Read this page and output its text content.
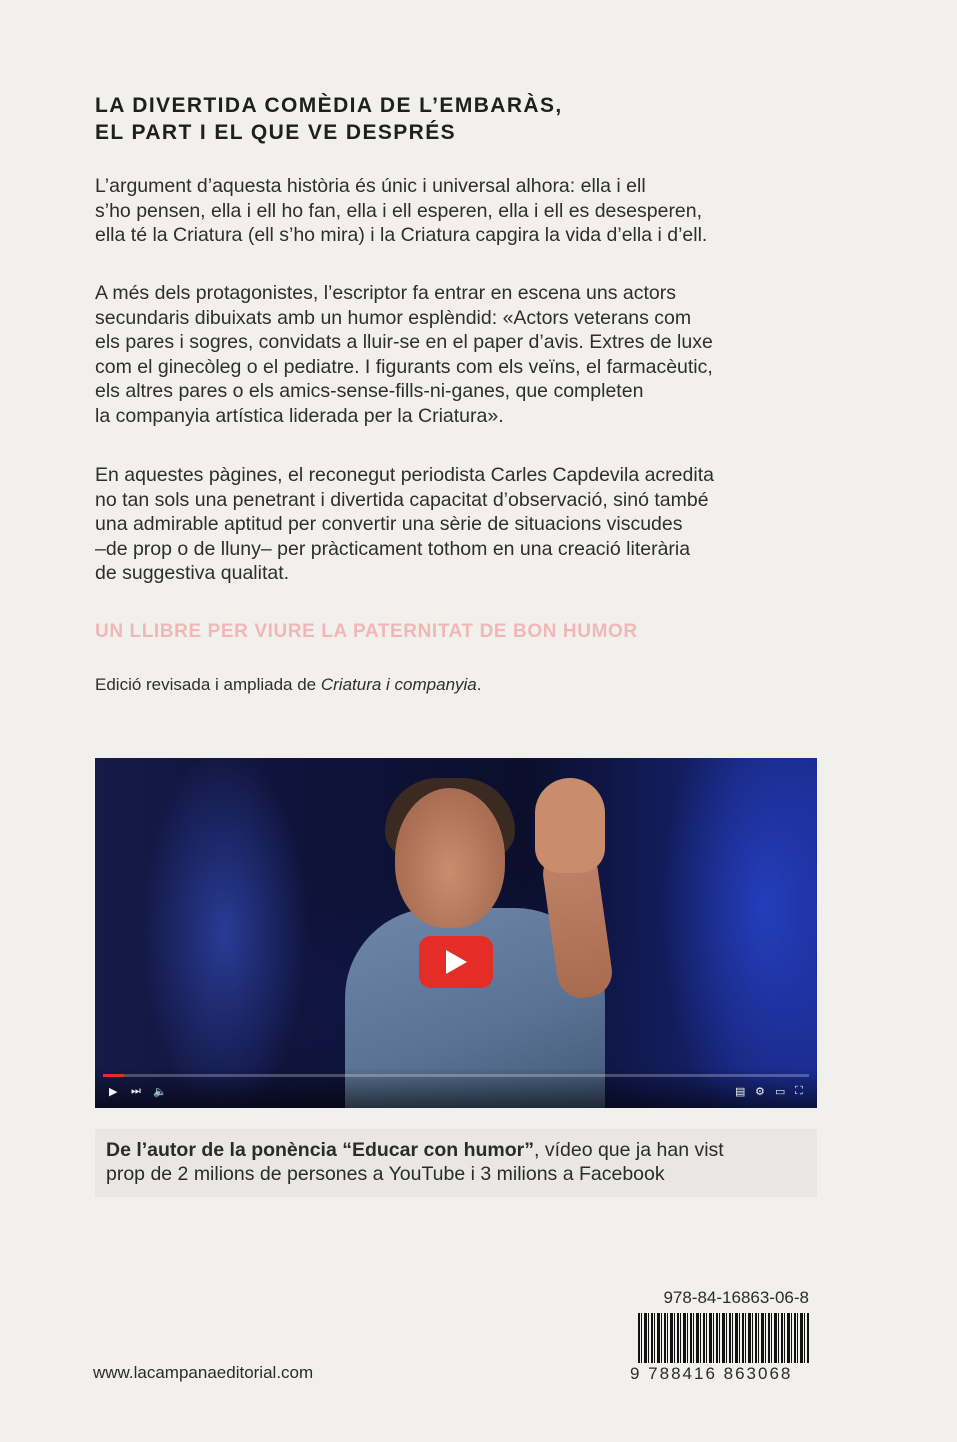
LA DIVERTIDA COMÈDIA DE L’EMBARÀS,
EL PART I EL QUE VE DESPRÉS

L’argument d’aquesta història és únic i universal alhora: ella i ell
s’ho pensen, ella i ell ho fan, ella i ell esperen, ella i ell es desesperen,
ella té la Criatura (ell s’ho mira) i la Criatura capgira la vida d’ella i d’ell.

A més dels protagonistes, l’escriptor fa entrar en escena uns actors
secundaris dibuixats amb un humor esplèndid: «Actors veterans com
els pares i sogres, convidats a lluir-se en el paper d’avis. Extres de luxe
com el ginecòleg o el pediatre. I figurants com els veïns, el farmacèutic,
els altres pares o els amics-sense-fills-ni-ganes, que completen
la companyia artística liderada per la Criatura».

En aquestes pàgines, el reconegut periodista Carles Capdevila acredita
no tan sols una penetrant i divertida capacitat d’observació, sinó també
una admirable aptitud per convertir una sèrie de situacions viscudes
–de prop o de lluny– per pràcticament tothom en una creació literària
de suggestiva qualitat.

UN LLIBRE PER VIURE LA PATERNITAT DE BON HUMOR
Edició revisada i ampliada de Criatura i companyia.
▶ ⏭ 🔈	▤ ⚙ ▭ ⛶

De l’autor de la ponència “Educar con humor”, vídeo que ja han vist
prop de 2 milions de persones a YouTube i 3 milions a Facebook

978-84-16863-06-8
9 788416 863068
www.lacampanaeditorial.com
